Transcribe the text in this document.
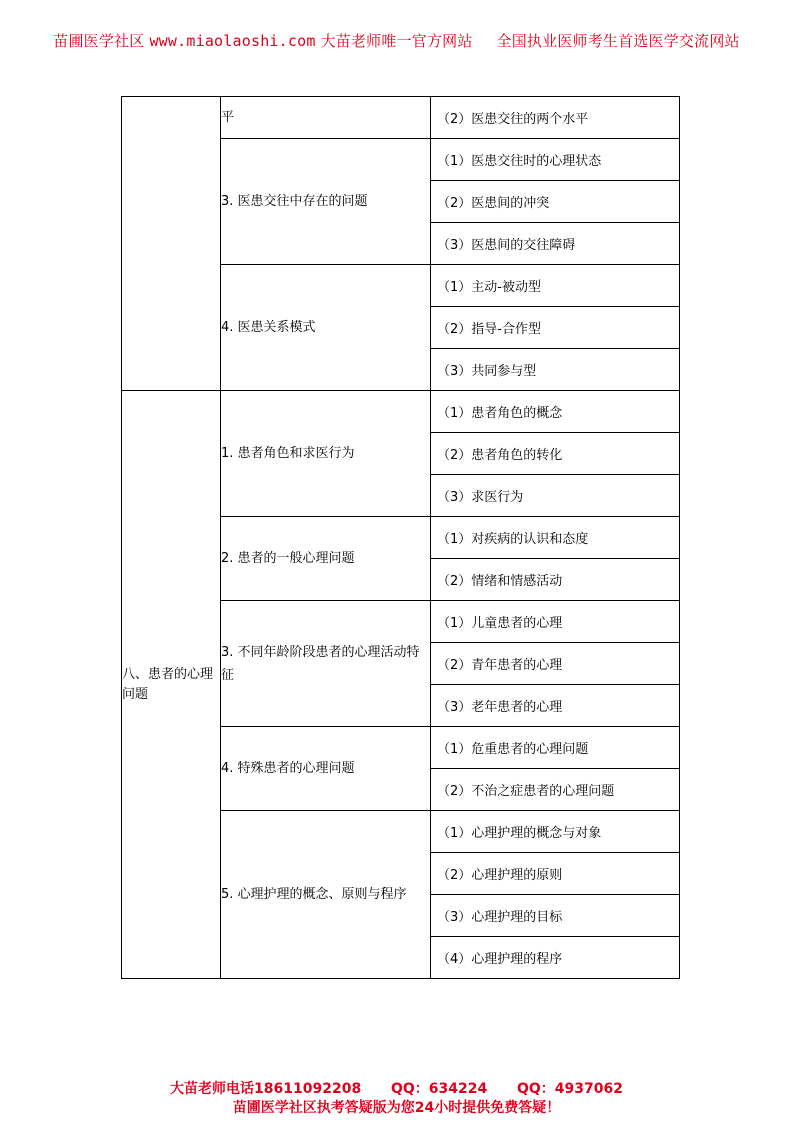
苗圃医学社区 www.miaolaoshi.com 大苗老师唯一官方网站 全国执业医师考生首选医学交流网站
	平	（2）医患交往的两个水平
	3. 医患交往中存在的问题	（1）医患交往时的心理状态
		（2）医患间的冲突
		（3）医患间的交往障碍
	4. 医患关系模式	（1）主动-被动型
		（2）指导-合作型
		（3）共同参与型
八、患者的心理问题	1. 患者角色和求医行为	（1）患者角色的概念
		（2）患者角色的转化
		（3）求医行为
	2. 患者的一般心理问题	（1）对疾病的认识和态度
		（2）情绪和情感活动
	3. 不同年龄阶段患者的心理活动特征	（1）儿童患者的心理
		（2）青年患者的心理
		（3）老年患者的心理
	4. 特殊患者的心理问题	（1）危重患者的心理问题
		（2）不治之症患者的心理问题
	5. 心理护理的概念、原则与程序	（1）心理护理的概念与对象
		（2）心理护理的原则
		（3）心理护理的目标
		（4）心理护理的程序
大苗老师电话18611092208 QQ：634224 QQ：4937062
苗圃医学社区执考答疑版为您24小时提供免费答疑！
